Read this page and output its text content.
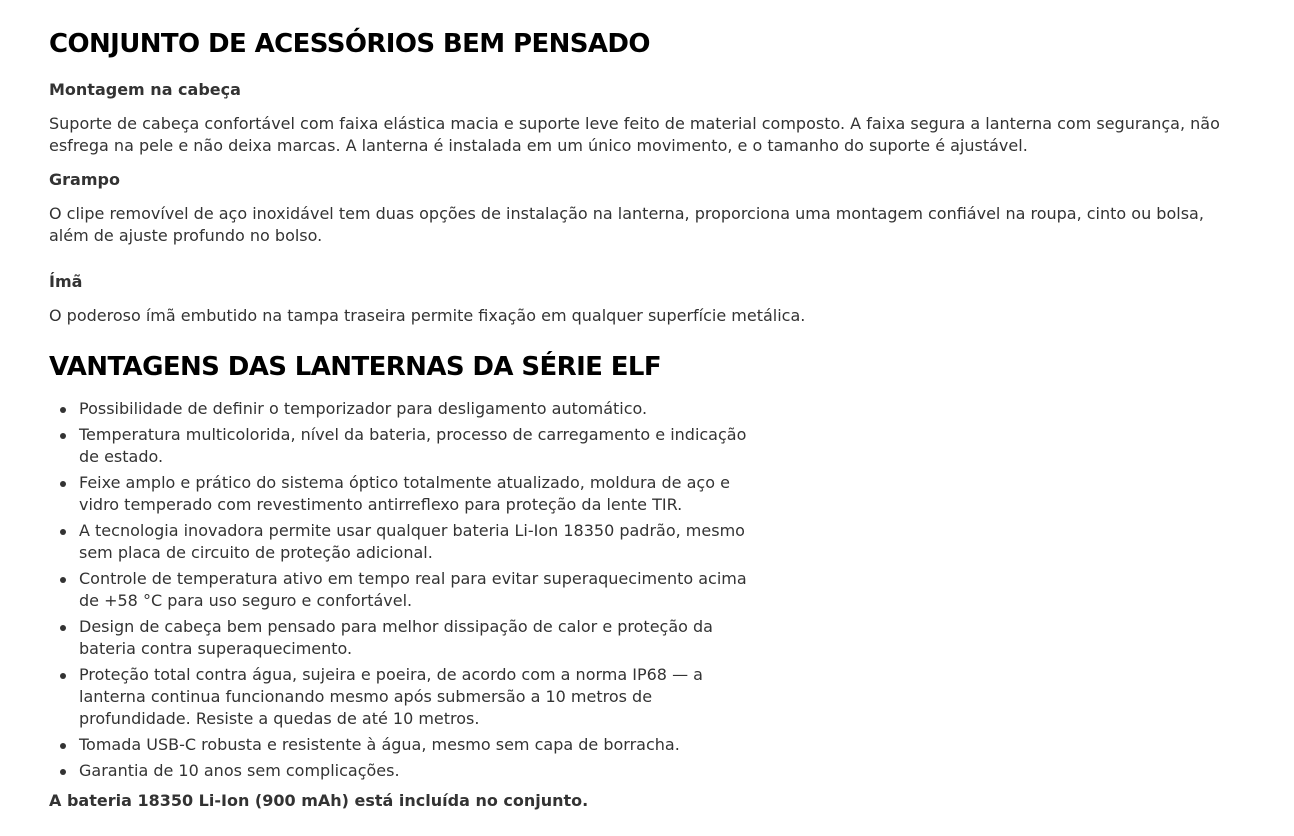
CONJUNTO DE ACESSÓRIOS BEM PENSADO
Montagem na cabeça

Suporte de cabeça confortável com faixa elástica macia e suporte leve feito de material composto. A faixa segura a lanterna com segurança, não esfrega na pele e não deixa marcas. A lanterna é instalada em um único movimento, e o tamanho do suporte é ajustável.

Grampo

O clipe removível de aço inoxidável tem duas opções de instalação na lanterna, proporciona uma montagem confiável na roupa, cinto ou bolsa, além de ajuste profundo no bolso.

Ímã

O poderoso ímã embutido na tampa traseira permite fixação em qualquer superfície metálica.

VANTAGENS DAS LANTERNAS DA SÉRIE ELF
Possibilidade de definir o temporizador para desligamento automático.
Temperatura multicolorida, nível da bateria, processo de carregamento e indicação de estado.
Feixe amplo e prático do sistema óptico totalmente atualizado, moldura de aço e vidro temperado com revestimento antirreflexo para proteção da lente TIR.
A tecnologia inovadora permite usar qualquer bateria Li-Ion 18350 padrão, mesmo sem placa de circuito de proteção adicional.
Controle de temperatura ativo em tempo real para evitar superaquecimento acima de +58 °C para uso seguro e confortável.
Design de cabeça bem pensado para melhor dissipação de calor e proteção da bateria contra superaquecimento.
Proteção total contra água, sujeira e poeira, de acordo com a norma IP68 — a lanterna continua funcionando mesmo após submersão a 10 metros de profundidade. Resiste a quedas de até 10 metros.
Tomada USB-C robusta e resistente à água, mesmo sem capa de borracha.
Garantia de 10 anos sem complicações.

A bateria 18350 Li-Ion (900 mAh) está incluída no conjunto.
